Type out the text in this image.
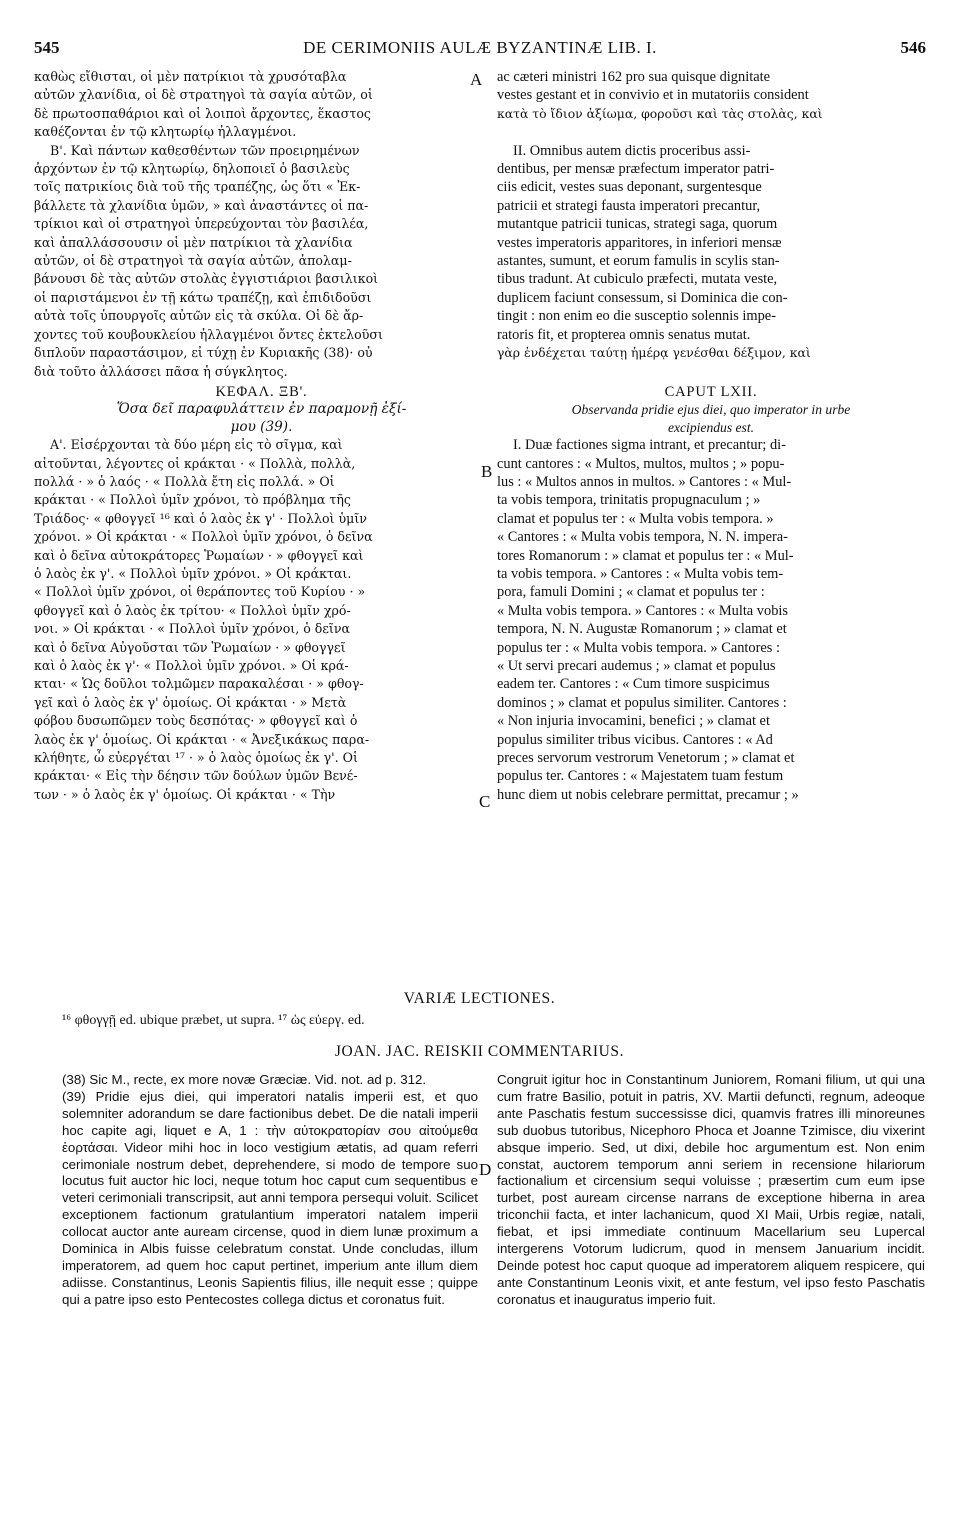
545	DE CERIMONIIS AULÆ BYZANTINÆ LIB. I.	546
καθὼς εἴθισται, οἱ μὲν πατρίκιοι τὰ χρυσόταβλα
αὐτῶν χλανίδια, οἱ δὲ στρατηγοὶ τὰ σαγία αὐτῶν, οἱ
δὲ πρωτοσπαθάριοι καὶ οἱ λοιποὶ ἄρχοντες, ἕκαστος
καθέζονται ἐν τῷ κλητωρίῳ ἠλλαγμένοι.
Β'. Καὶ πάντων καθεσθέντων τῶν προειρημένων
ἀρχόντων ἐν τῷ κλητωρίῳ, δηλοποιεῖ ὁ βασιλεὺς
τοῖς πατρικίοις διὰ τοῦ τῆς τραπέζης, ὡς ὅτι « Ἐκ-
βάλλετε τὰ χλανίδια ὑμῶν, » καὶ ἀναστάντες οἱ πα-
τρίκιοι καὶ οἱ στρατηγοὶ ὑπερεύχονται τὸν βασιλέα,
καὶ ἀπαλλάσσουσιν οἱ μὲν πατρίκιοι τὰ χλανίδια
αὐτῶν, οἱ δὲ στρατηγοὶ τὰ σαγία αὐτῶν, ἀπολαμ-
βάνουσι δὲ τὰς αὐτῶν στολὰς ἐγγιστιάριοι βασιλικοὶ
οἱ παριστάμενοι ἐν τῇ κάτω τραπέζῃ, καὶ ἐπιδιδοῦσι
αὐτὰ τοῖς ὑπουργοῖς αὐτῶν εἰς τὰ σκύλα. Οἱ δὲ ἄρ-
χοντες τοῦ κουβουκλείου ἠλλαγμένοι ὄντες ἐκτελοῦσι
διπλοῦν παραστάσιμον, εἰ τύχῃ ἐν Κυριακῆς (38)· οὐ
διὰ τοῦτο ἀλλάσσει πᾶσα ἡ σύγκλητος.
ΚΕΦΑΛ. ΞΒ'.
Ὅσα δεῖ παραφυλάττειν ἐν παραμονῇ ἐξί-
μου (39).
Α'. Εἰσέρχονται τὰ δύο μέρη εἰς τὸ σῖγμα, καὶ
αἰτοῦνται, λέγοντες οἱ κράκται · « Πολλὰ, πολλὰ,
πολλά · » ὁ λαός · « Πολλὰ ἔτη εἰς πολλά. » Οἱ
κράκται · « Πολλοὶ ὑμῖν χρόνοι, τὸ πρόβλημα τῆς
Τριάδος· « φθογγεῖ ¹⁶ καὶ ὁ λαὸς ἐκ γ' · Πολλοὶ ὑμῖν
χρόνοι. » Οἱ κράκται · « Πολλοὶ ὑμῖν χρόνοι, ὁ δεῖνα
καὶ ὁ δεῖνα αὐτοκράτορες Ῥωμαίων · » φθογγεῖ καὶ
ὁ λαὸς ἐκ γ'. « Πολλοὶ ὑμῖν χρόνοι. » Οἱ κράκται.
« Πολλοὶ ὑμῖν χρόνοι, οἱ θεράποντες τοῦ Κυρίου · »
φθογγεῖ καὶ ὁ λαὸς ἐκ τρίτου· « Πολλοὶ ὑμῖν χρό-
νοι. » Οἱ κράκται · « Πολλοὶ ὑμῖν χρόνοι, ὁ δεῖνα
καὶ ὁ δεῖνα Αὐγοῦσται τῶν Ῥωμαίων · » φθογγεῖ
καὶ ὁ λαὸς ἐκ γ'· « Πολλοὶ ὑμῖν χρόνοι. » Οἱ κρά-
κται· « Ὡς δοῦλοι τολμῶμεν παρακαλέσαι · » φθογ-
γεῖ καὶ ὁ λαὸς ἐκ γ' ὁμοίως. Οἱ κράκται · » Μετὰ
φόβου δυσωπῶμεν τοὺς δεσπότας· » φθογγεῖ καὶ ὁ
λαὸς ἐκ γ' ὁμοίως. Οἱ κράκται · « Ἀνεξικάκως παρα-
κλήθητε, ὦ εὐεργέται ¹⁷ · » ὁ λαὸς ὁμοίως ἐκ γ'. Οἱ
κράκται· « Εἰς τὴν δέησιν τῶν δούλων ὑμῶν Βενέ-
των · » ὁ λαὸς ἐκ γ' ὁμοίως. Οἱ κράκται · « Τὴν
A
B
C
D
ac cæteri ministri 162 pro sua quisque dignitate
vestes gestant et in convivio et in mutatoriis consident
κατὰ τὸ ἴδιον ἀξίωμα, φοροῦσι καὶ τὰς στολὰς, καὶ

II. Omnibus autem dictis proceribus assi-
dentibus, per mensæ præfectum imperator patri-
ciis edicit, vestes suas deponant, surgentesque
patricii et strategi fausta imperatori precantur,
mutantque patricii tunicas, strategi saga, quorum
vestes imperatoris apparitores, in inferiori mensæ
astantes, sumunt, et eorum famulis in scylis stan-
tibus tradunt. At cubiculo præfecti, mutata veste,
duplicem faciunt consessum, si Dominica die con-
tingit : non enim eo die susceptio solennis impe-
ratoris fit, et propterea omnis senatus mutat.
γὰρ ἐνδέχεται ταύτῃ ἡμέρᾳ γενέσθαι δέξιμον, καὶ

CAPUT LXII.
Observanda pridie ejus diei, quo imperator in urbe
excipiendus est.
I. Duæ factiones sigma intrant, et precantur; di-
cunt cantores : « Multos, multos, multos ; » popu-
lus : « Multos annos in multos. » Cantores : « Mul-
ta vobis tempora, trinitatis propugnaculum ; »
clamat et populus ter : « Multa vobis tempora. »
« Cantores : « Multa vobis tempora, N. N. impera-
tores Romanorum : » clamat et populus ter : « Mul-
ta vobis tempora. » Cantores : « Multa vobis tem-
pora, famuli Domini ; « clamat et populus ter :
« Multa vobis tempora. » Cantores : « Multa vobis
tempora, N. N. Augustæ Romanorum ; » clamat et
populus ter : « Multa vobis tempora. » Cantores :
« Ut servi precari audemus ; » clamat et populus
eadem ter. Cantores : « Cum timore suspicimus
dominos ; » clamat et populus similiter. Cantores :
« Non injuria invocamini, benefici ; » clamat et
populus similiter tribus vicibus. Cantores : « Ad
preces servorum vestrorum Venetorum ; » clamat et
populus ter. Cantores : « Majestatem tuam festum
hunc diem ut nobis celebrare permittat, precamur ; »
VARIÆ LECTIONES.
¹⁶ φθογγῇ ed. ubique præbet, ut supra. ¹⁷ ὡς εὐεργ. ed.
JOAN. JAC. REISKII COMMENTARIUS.

(38) Sic M., recte, ex more novæ Græciæ. Vid. not. ad p. 312.

(39) Pridie ejus diei, qui imperatori natalis imperii est, et quo solemniter adorandum se dare factionibus debet. De die natali imperii hoc capite agi, liquet e A, 1 : τὴν αὐτοκρατορίαν σου αἰτούμεθα ἑορτάσαι. Videor mihi hoc in loco vestigium ætatis, ad quam referri cerimoniale nostrum debet, deprehendere, si modo de tempore suo locutus fuit auctor hic loci, neque totum hoc caput cum sequentibus e veteri cerimoniali transcripsit, aut anni tempora persequi voluit. Scilicet exceptionem factionum gratulantium imperatori natalem imperii collocat auctor ante auream circense, quod in diem lunæ proximum a Dominica in Albis fuisse celebratum constat. Unde concludas, illum imperatorem, ad quem hoc caput pertinet, imperium ante illum diem adiisse. Constantinus, Leonis Sapientis filius, ille nequit esse ; quippe qui a patre ipso esto Pentecostes collega dictus et coronatus fuit.

Congruit igitur hoc in Constantinum Juniorem, Romani filium, ut qui una cum fratre Basilio, potuit in patris, XV. Martii defuncti, regnum, adeoque ante Paschatis festum successisse dici, quamvis fratres illi minoreunes sub duobus tutoribus, Nicephoro Phoca et Joanne Tzimisce, diu vixerint absque imperio. Sed, ut dixi, debile hoc argumentum est. Non enim constat, auctorem temporum anni seriem in recensione hilariorum factionalium et circensium sequi voluisse ; præsertim cum eum ipse turbet, post auream circense narrans de exceptione hiberna in area triconchii facta, et inter lachanicum, quod XI Maii, Urbis regiæ, natali, fiebat, et ipsi immediate continuum Macellarium seu Lupercal intergerens Votorum ludicrum, quod in mensem Januarium incidit. Deinde potest hoc caput quoque ad imperatorem aliquem respicere, qui ante Constantinum Leonis vixit, et ante festum, vel ipso festo Paschatis coronatus et inauguratus imperio fuit.
